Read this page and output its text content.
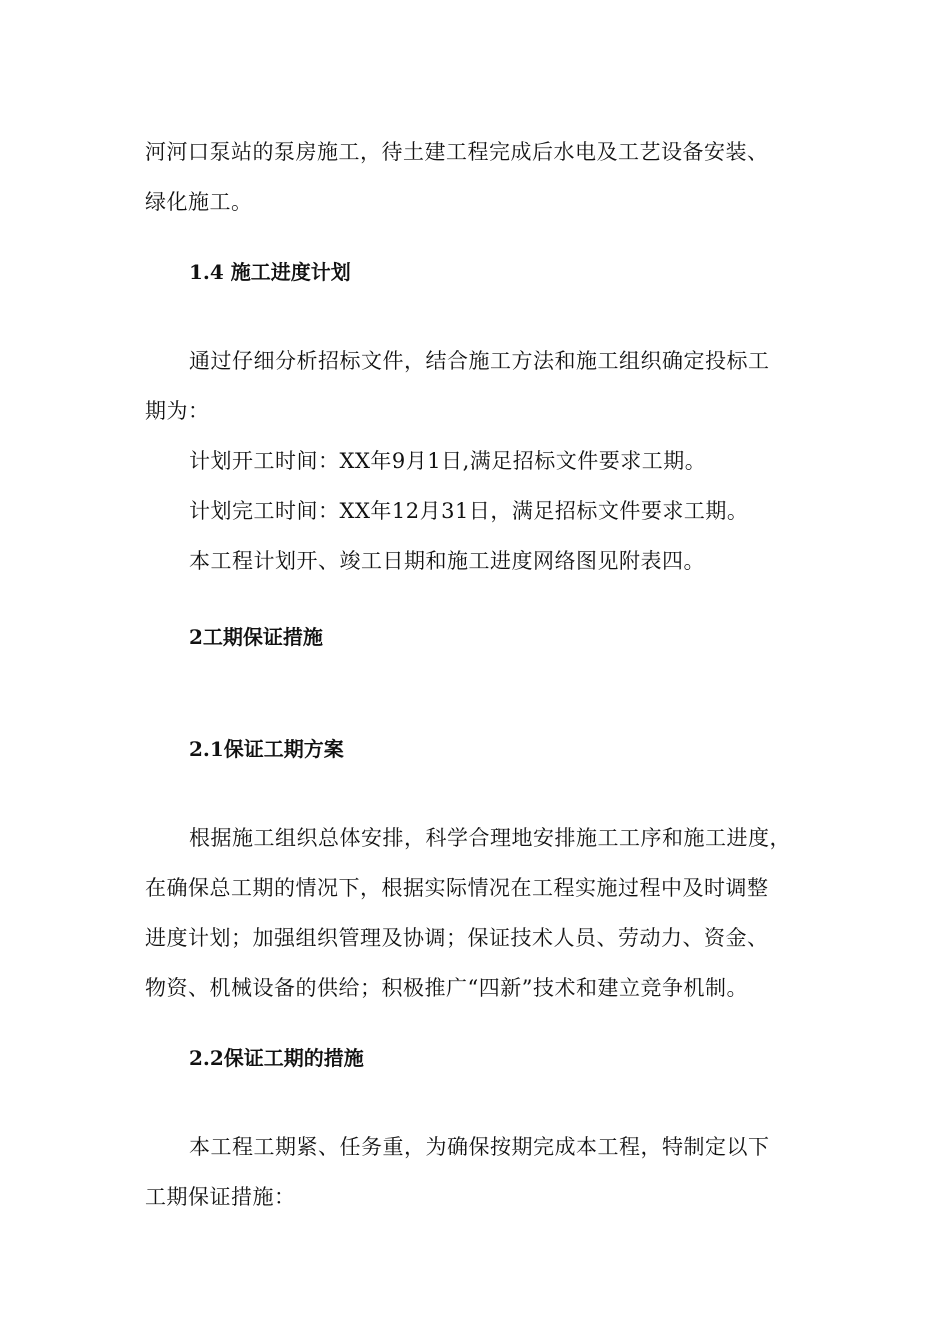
河河口泵站的泵房施工，待土建工程完成后水电及工艺设备安装、
绿化施工。
1.4 施工进度计划
通过仔细分析招标文件，结合施工方法和施工组织确定投标工
期为：
计划开工时间：XX年9月1日,满足招标文件要求工期。
计划完工时间：XX年12月31日，满足招标文件要求工期。
本工程计划开、竣工日期和施工进度网络图见附表四。
2工期保证措施
2.1保证工期方案
根据施工组织总体安排，科学合理地安排施工工序和施工进度，
在确保总工期的情况下，根据实际情况在工程实施过程中及时调整
进度计划；加强组织管理及协调；保证技术人员、劳动力、资金、
物资、机械设备的供给；积极推广“四新”技术和建立竞争机制。
2.2保证工期的措施
本工程工期紧、任务重，为确保按期完成本工程，特制定以下
工期保证措施：
